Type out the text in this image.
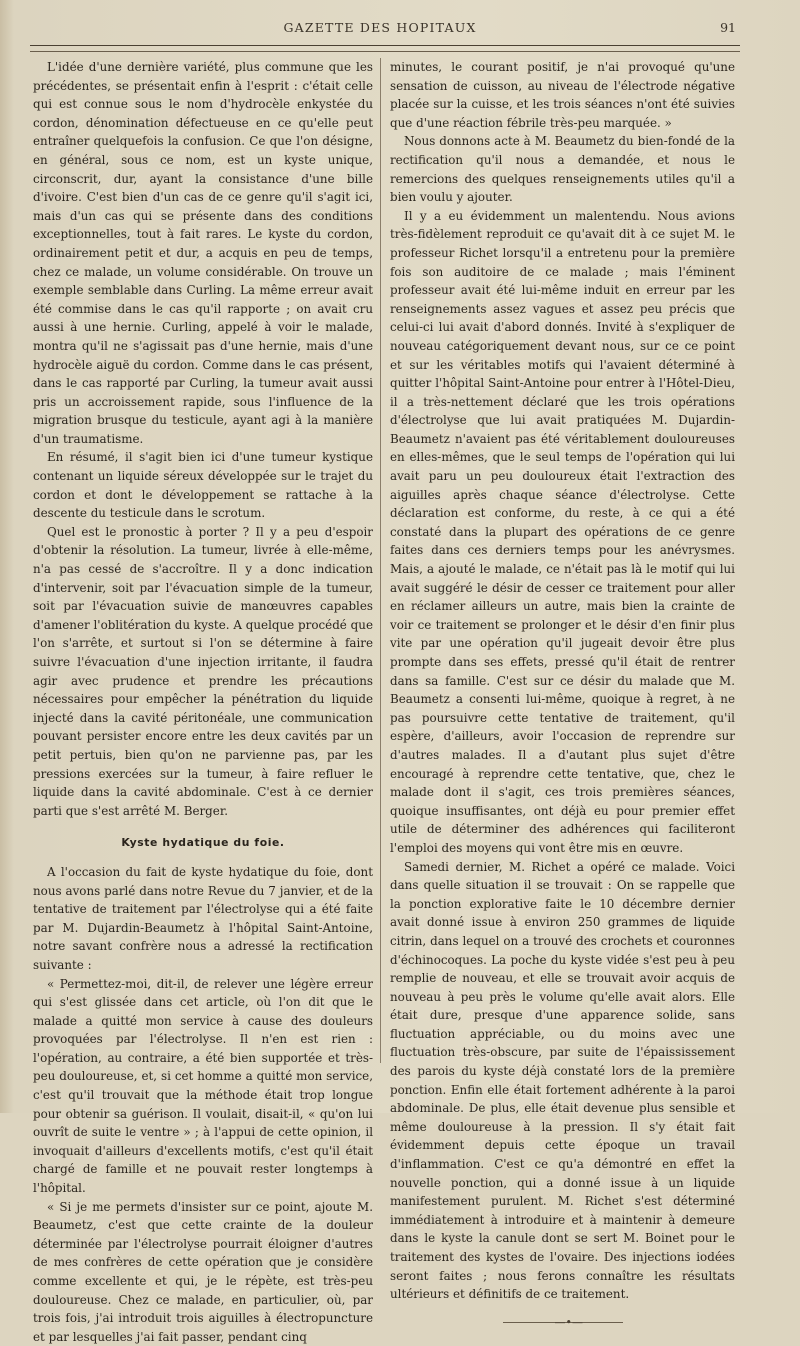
GAZETTE DES HOPITAUX	91

L'idée d'une dernière variété, plus commune que les précédentes, se présentait enfin à l'esprit : c'était celle qui est connue sous le nom d'hydrocèle enkystée du cordon, dénomination défectueuse en ce qu'elle peut entraîner quelquefois la confusion. Ce que l'on désigne, en général, sous ce nom, est un kyste unique, circonscrit, dur, ayant la consistance d'une bille d'ivoire. C'est bien d'un cas de ce genre qu'il s'agit ici, mais d'un cas qui se présente dans des conditions exceptionnelles, tout à fait rares. Le kyste du cordon, ordinairement petit et dur, a acquis en peu de temps, chez ce malade, un volume considérable. On trouve un exemple semblable dans Curling. La même erreur avait été commise dans le cas qu'il rapporte ; on avait cru aussi à une hernie. Curling, appelé à voir le malade, montra qu'il ne s'agissait pas d'une hernie, mais d'une hydrocèle aiguë du cordon. Comme dans le cas présent, dans le cas rapporté par Curling, la tumeur avait aussi pris un accroissement rapide, sous l'influence de la migration brusque du testicule, ayant agi à la manière d'un traumatisme.

En résumé, il s'agit bien ici d'une tumeur kystique contenant un liquide séreux développée sur le trajet du cordon et dont le développement se rattache à la descente du testicule dans le scrotum.

Quel est le pronostic à porter ? Il y a peu d'espoir d'obtenir la résolution. La tumeur, livrée à elle-même, n'a pas cessé de s'accroître. Il y a donc indication d'intervenir, soit par l'évacuation simple de la tumeur, soit par l'évacuation suivie de manœuvres capables d'amener l'oblitération du kyste. A quelque procédé que l'on s'arrête, et surtout si l'on se détermine à faire suivre l'évacuation d'une injection irritante, il faudra agir avec prudence et prendre les précautions nécessaires pour empêcher la pénétration du liquide injecté dans la cavité péritonéale, une communication pouvant persister encore entre les deux cavités par un petit pertuis, bien qu'on ne parvienne pas, par les pressions exercées sur la tumeur, à faire refluer le liquide dans la cavité abdominale. C'est à ce dernier parti que s'est arrêté M. Berger.

Kyste hydatique du foie.

A l'occasion du fait de kyste hydatique du foie, dont nous avons parlé dans notre Revue du 7 janvier, et de la tentative de traitement par l'électrolyse qui a été faite par M. Dujardin-Beaumetz à l'hôpital Saint-Antoine, notre savant confrère nous a adressé la rectification suivante :

« Permettez-moi, dit-il, de relever une légère erreur qui s'est glissée dans cet article, où l'on dit que le malade a quitté mon service à cause des douleurs provoquées par l'électrolyse. Il n'en est rien : l'opération, au contraire, a été bien supportée et très-peu douloureuse, et, si cet homme a quitté mon service, c'est qu'il trouvait que la méthode était trop longue pour obtenir sa guérison. Il voulait, disait-il, « qu'on lui ouvrît de suite le ventre » ; à l'appui de cette opinion, il invoquait d'ailleurs d'excellents motifs, c'est qu'il était chargé de famille et ne pouvait rester longtemps à l'hôpital.

« Si je me permets d'insister sur ce point, ajoute M. Beaumetz, c'est que cette crainte de la douleur déterminée par l'électrolyse pourrait éloigner d'autres de mes confrères de cette opération que je considère comme excellente et qui, je le répète, est très-peu douloureuse. Chez ce malade, en particulier, où, par trois fois, j'ai introduit trois aiguilles à électropuncture et par lesquelles j'ai fait passer, pendant cinq

minutes, le courant positif, je n'ai provoqué qu'une sensation de cuisson, au niveau de l'électrode négative placée sur la cuisse, et les trois séances n'ont été suivies que d'une réaction fébrile très-peu marquée. »

Nous donnons acte à M. Beaumetz du bien-fondé de la rectification qu'il nous a demandée, et nous le remercions des quelques renseignements utiles qu'il a bien voulu y ajouter.

Il y a eu évidemment un malentendu. Nous avions très-fidèlement reproduit ce qu'avait dit à ce sujet M. le professeur Richet lorsqu'il a entretenu pour la première fois son auditoire de ce malade ; mais l'éminent professeur avait été lui-même induit en erreur par les renseignements assez vagues et assez peu précis que celui-ci lui avait d'abord donnés. Invité à s'expliquer de nouveau catégoriquement devant nous, sur ce ce point et sur les véritables motifs qui l'avaient déterminé à quitter l'hôpital Saint-Antoine pour entrer à l'Hôtel-Dieu, il a très-nettement déclaré que les trois opérations d'électrolyse que lui avait pratiquées M. Dujardin-Beaumetz n'avaient pas été véritablement douloureuses en elles-mêmes, que le seul temps de l'opération qui lui avait paru un peu douloureux était l'extraction des aiguilles après chaque séance d'électrolyse. Cette déclaration est conforme, du reste, à ce qui a été constaté dans la plupart des opérations de ce genre faites dans ces derniers temps pour les anévrysmes. Mais, a ajouté le malade, ce n'était pas là le motif qui lui avait suggéré le désir de cesser ce traitement pour aller en réclamer ailleurs un autre, mais bien la crainte de voir ce traitement se prolonger et le désir d'en finir plus vite par une opération qu'il jugeait devoir être plus prompte dans ses effets, pressé qu'il était de rentrer dans sa famille. C'est sur ce désir du malade que M. Beaumetz a consenti lui-même, quoique à regret, à ne pas poursuivre cette tentative de traitement, qu'il espère, d'ailleurs, avoir l'occasion de reprendre sur d'autres malades. Il a d'autant plus sujet d'être encouragé à reprendre cette tentative, que, chez le malade dont il s'agit, ces trois premières séances, quoique insuffisantes, ont déjà eu pour premier effet utile de déterminer des adhérences qui faciliteront l'emploi des moyens qui vont être mis en œuvre.

Samedi dernier, M. Richet a opéré ce malade. Voici dans quelle situation il se trouvait : On se rappelle que la ponction explorative faite le 10 décembre dernier avait donné issue à environ 250 grammes de liquide citrin, dans lequel on a trouvé des crochets et couronnes d'échinocoques. La poche du kyste vidée s'est peu à peu remplie de nouveau, et elle se trouvait avoir acquis de nouveau à peu près le volume qu'elle avait alors. Elle était dure, presque d'une apparence solide, sans fluctuation appréciable, ou du moins avec une fluctuation très-obscure, par suite de l'épaississement des parois du kyste déjà constaté lors de la première ponction. Enfin elle était fortement adhérente à la paroi abdominale. De plus, elle était devenue plus sensible et même douloureuse à la pression. Il s'y était fait évidemment depuis cette époque un travail d'inflammation. C'est ce qu'a démontré en effet la nouvelle ponction, qui a donné issue à un liquide manifestement purulent. M. Richet s'est déterminé immédiatement à introduire et à maintenir à demeure dans le kyste la canule dont se sert M. Boinet pour le traitement des kystes de l'ovaire. Des injections iodées seront faites ; nous ferons connaître les résultats ultérieurs et définitifs de ce traitement.

—•—
